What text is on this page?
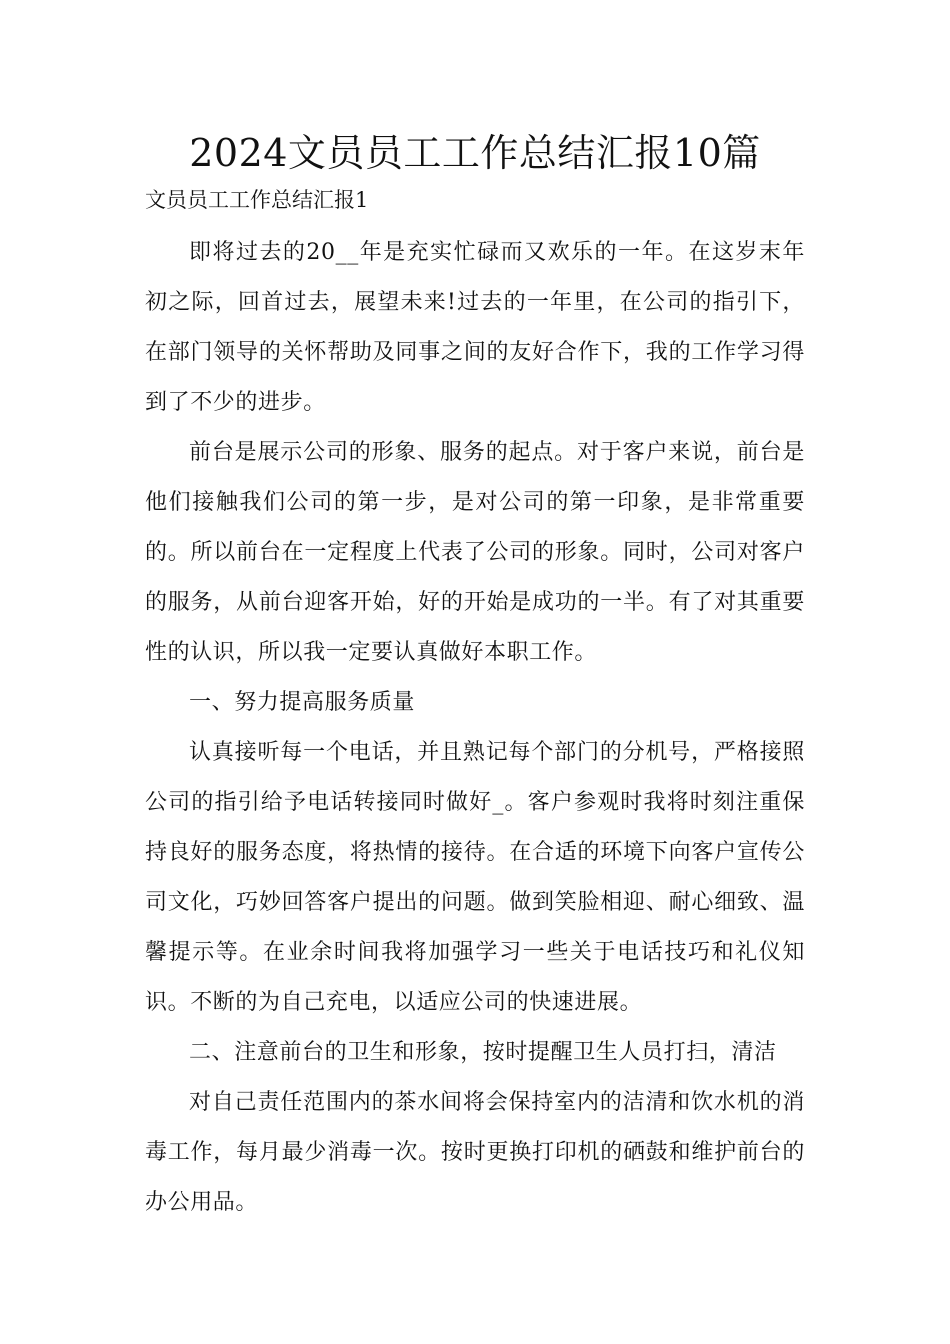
2024文员员工工作总结汇报10篇

文员员工工作总结汇报1

即将过去的20__年是充实忙碌而又欢乐的一年。在这岁末年初之际，回首过去，展望未来!过去的一年里，在公司的指引下，在部门领导的关怀帮助及同事之间的友好合作下，我的工作学习得到了不少的进步。

前台是展示公司的形象、服务的起点。对于客户来说，前台是他们接触我们公司的第一步，是对公司的第一印象，是非常重要的。所以前台在一定程度上代表了公司的形象。同时，公司对客户的服务，从前台迎客开始，好的开始是成功的一半。有了对其重要性的认识，所以我一定要认真做好本职工作。

一、努力提高服务质量

认真接听每一个电话，并且熟记每个部门的分机号，严格接照公司的指引给予电话转接同时做好_。客户参观时我将时刻注重保持良好的服务态度，将热情的接待。在合适的环境下向客户宣传公司文化，巧妙回答客户提出的问题。做到笑脸相迎、耐心细致、温馨提示等。在业余时间我将加强学习一些关于电话技巧和礼仪知识。不断的为自己充电，以适应公司的快速进展。

二、注意前台的卫生和形象，按时提醒卫生人员打扫，清洁

对自己责任范围内的茶水间将会保持室内的洁清和饮水机的消毒工作，每月最少消毒一次。按时更换打印机的硒鼓和维护前台的办公用品。
